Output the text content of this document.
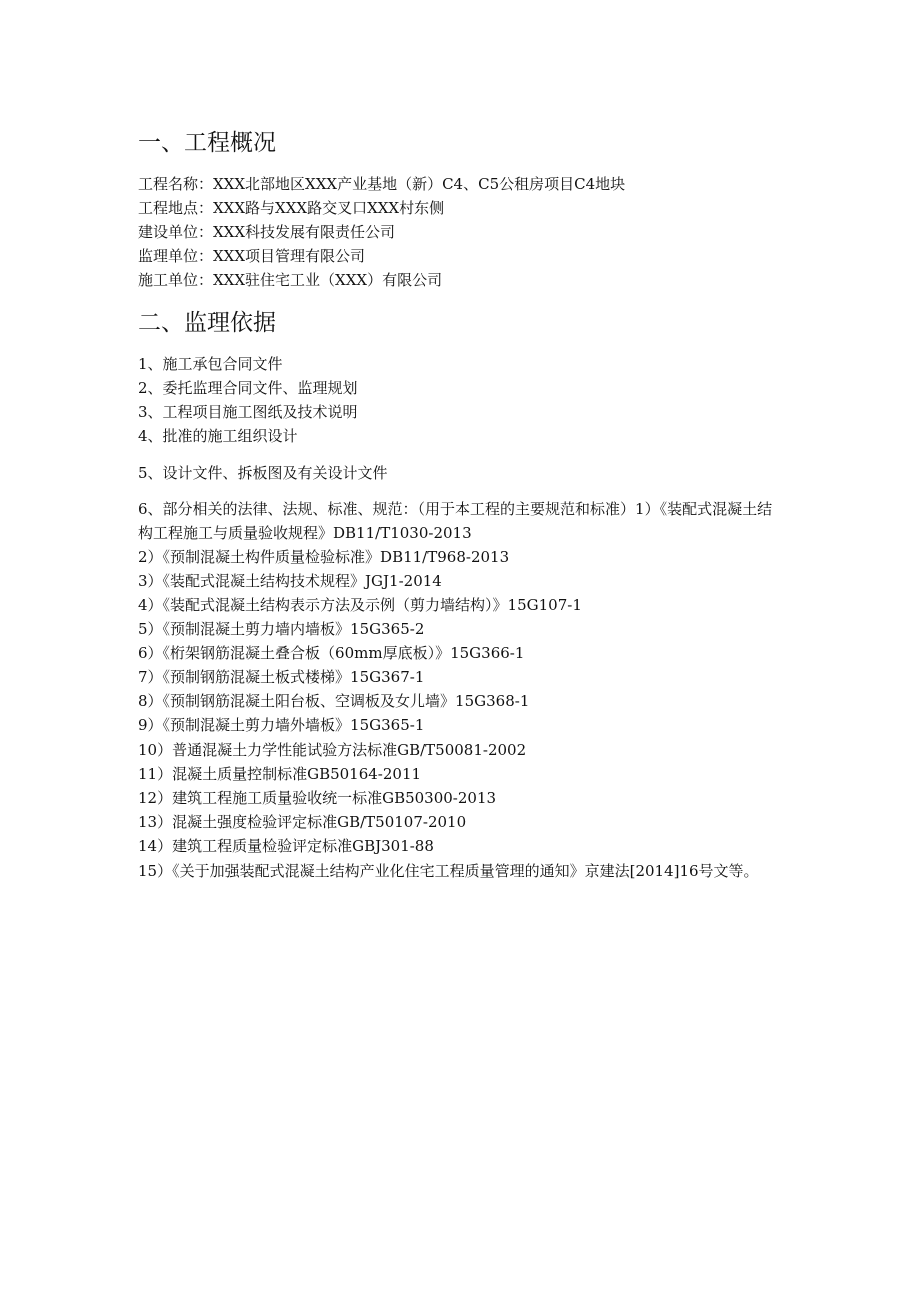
一、工程概况

工程名称：XXX北部地区XXX产业基地（新）C4、C5公租房项目C4地块

工程地点：XXX路与XXX路交叉口XXX村东侧

建设单位：XXX科技发展有限责任公司

监理单位：XXX项目管理有限公司

施工单位：XXX驻住宅工业（XXX）有限公司

二、监理依据

1、施工承包合同文件

2、委托监理合同文件、监理规划

3、工程项目施工图纸及技术说明

4、批准的施工组织设计

5、设计文件、拆板图及有关设计文件

6、部分相关的法律、法规、标准、规范：（用于本工程的主要规范和标准）1）《装配式混凝土结构工程施工与质量验收规程》DB11/T1030-2013

2）《预制混凝土构件质量检验标准》DB11/T968-2013

3）《装配式混凝土结构技术规程》JGJ1-2014

4）《装配式混凝土结构表示方法及示例（剪力墙结构）》15G107-1

5）《预制混凝土剪力墙内墙板》15G365-2

6）《桁架钢筋混凝土叠合板（60mm厚底板）》15G366-1

7）《预制钢筋混凝土板式楼梯》15G367-1

8）《预制钢筋混凝土阳台板、空调板及女儿墙》15G368-1

9）《预制混凝土剪力墙外墙板》15G365-1

10）普通混凝土力学性能试验方法标准GB/T50081-2002

11）混凝土质量控制标准GB50164-2011

12）建筑工程施工质量验收统一标准GB50300-2013

13）混凝土强度检验评定标准GB/T50107-2010

14）建筑工程质量检验评定标准GBJ301-88

15）《关于加强装配式混凝土结构产业化住宅工程质量管理的通知》京建法[2014]16号文等。
